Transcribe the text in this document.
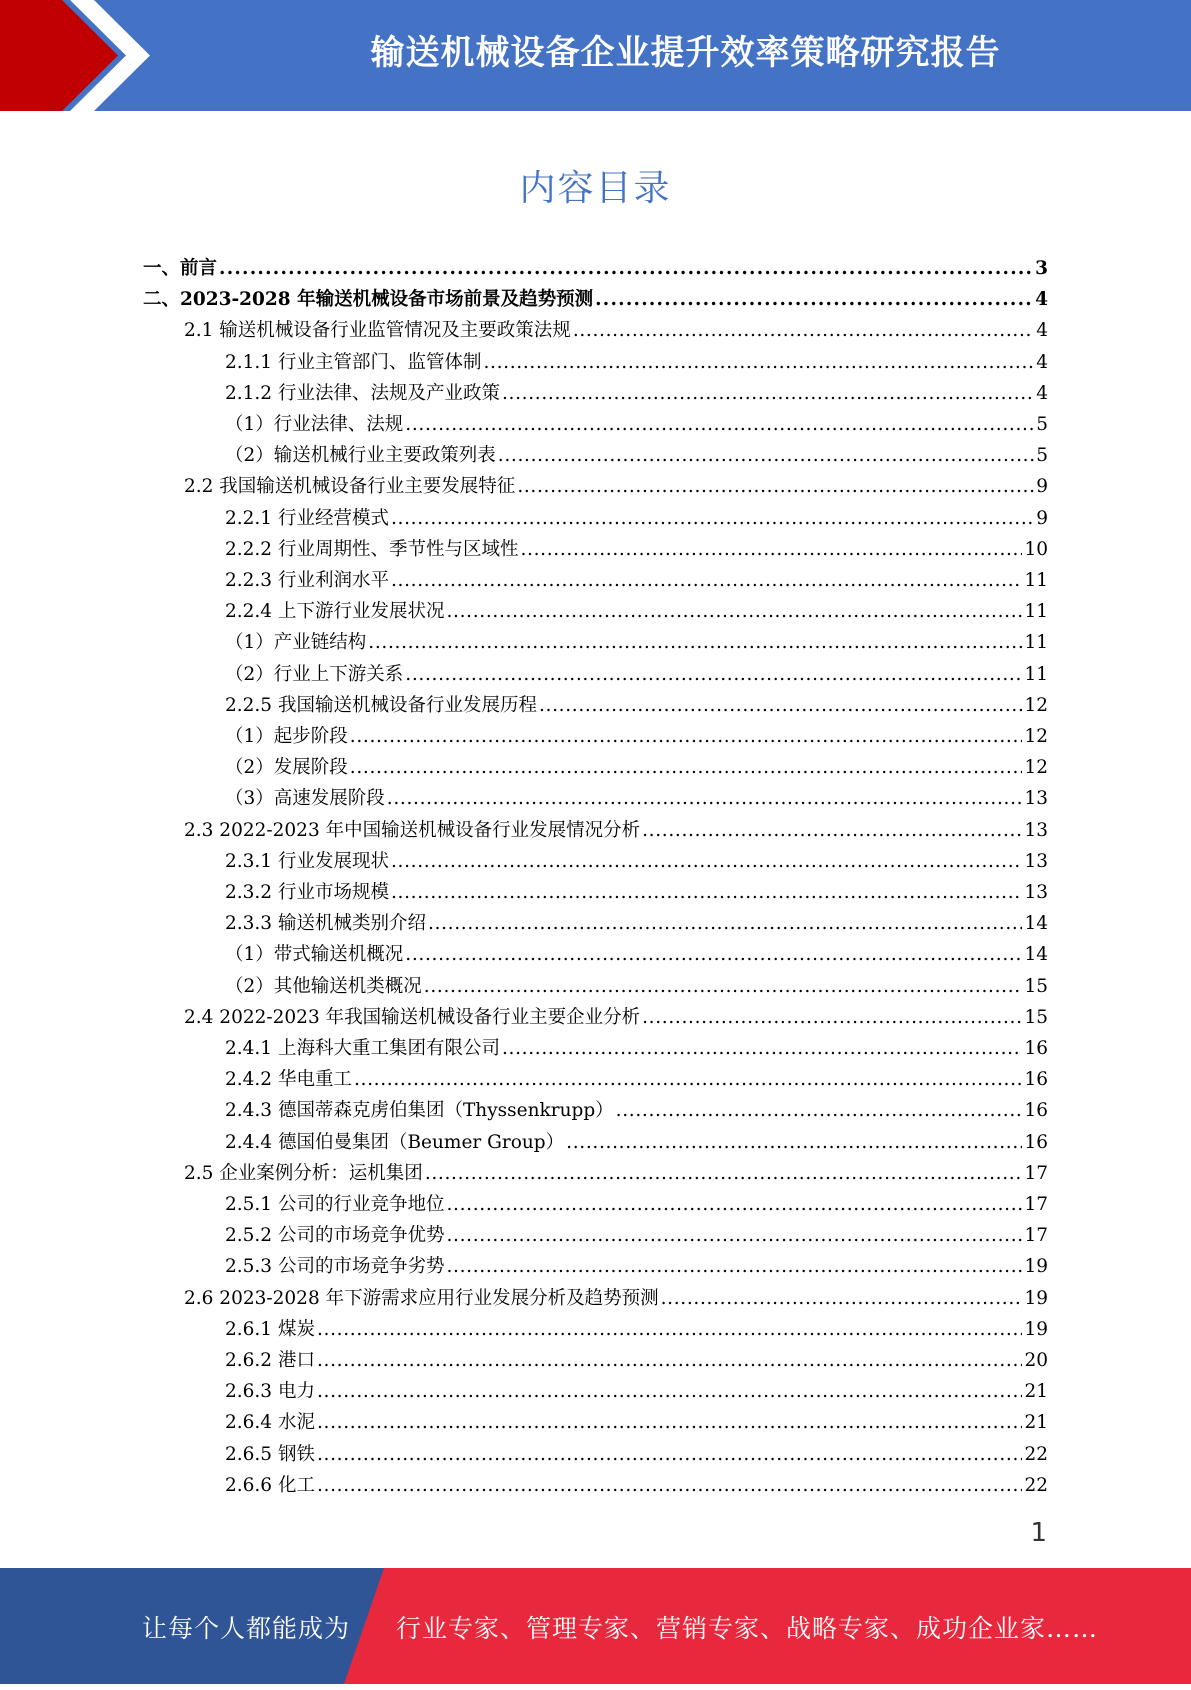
输送机械设备企业提升效率策略研究报告
内容目录
一、前言 . . .	3
二、2023-2028 年输送机械设备市场前景及趋势预测 . . .	4
2.1 输送机械设备行业监管情况及主要政策法规 . . .	4
2.1.1 行业主管部门、监管体制 . . .	4
2.1.2 行业法律、法规及产业政策 . . .	4
（1）行业法律、法规 . . .	5
（2）输送机械行业主要政策列表 . . .	5
2.2 我国输送机械设备行业主要发展特征 . . .	9
2.2.1 行业经营模式 . . .	9
2.2.2 行业周期性、季节性与区域性 . . .	10
2.2.3 行业利润水平 . . .	11
2.2.4 上下游行业发展状况 . . .	11
（1）产业链结构 . . .	11
（2）行业上下游关系 . . .	11
2.2.5 我国输送机械设备行业发展历程 . . .	12
（1）起步阶段 . . .	12
（2）发展阶段 . . .	12
（3）高速发展阶段 . . .	13
2.3 2022-2023 年中国输送机械设备行业发展情况分析 . . .	13
2.3.1 行业发展现状 . . .	13
2.3.2 行业市场规模 . . .	13
2.3.3 输送机械类别介绍 . . .	14
（1）带式输送机概况 . . .	14
（2）其他输送机类概况 . . .	15
2.4 2022-2023 年我国输送机械设备行业主要企业分析 . . .	15
2.4.1 上海科大重工集团有限公司 . . .	16
2.4.2 华电重工 . . .	16
2.4.3 德国蒂森克虏伯集团（Thyssenkrupp） . . .	16
2.4.4 德国伯曼集团（Beumer Group） . . .	16
2.5 企业案例分析：运机集团 . . .	17
2.5.1 公司的行业竞争地位 . . .	17
2.5.2 公司的市场竞争优势 . . .	17
2.5.3 公司的市场竞争劣势 . . .	19
2.6 2023-2028 年下游需求应用行业发展分析及趋势预测 . . .	19
2.6.1 煤炭 . . .	19
2.6.2 港口 . . .	20
2.6.3 电力 . . .	21
2.6.4 水泥 . . .	21
2.6.5 钢铁 . . .	22
2.6.6 化工 . . .	22
1
让每个人都能成为 行业专家、管理专家、营销专家、战略专家、成功企业家……
